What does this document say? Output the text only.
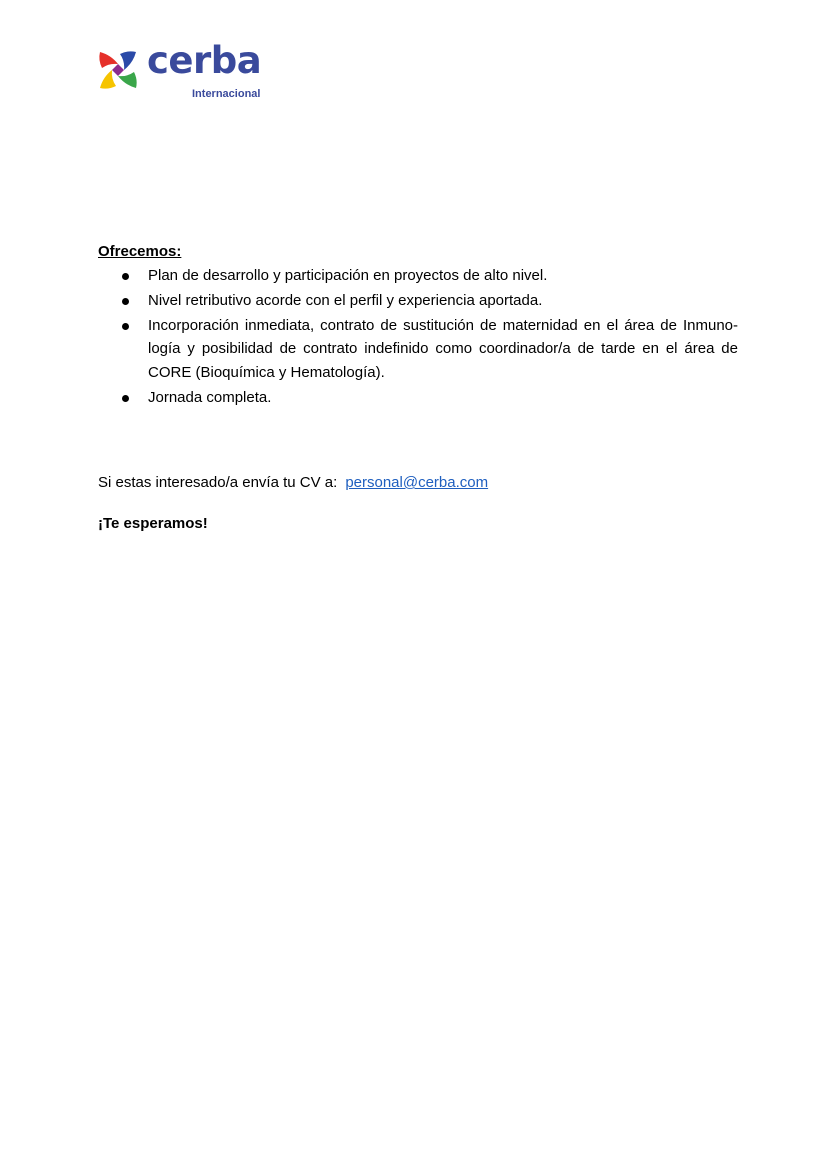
cerba
Internacional

Ofrecemos:

Plan de desarrollo y participación en proyectos de alto nivel.
Nivel retributivo acorde con el perfil y experiencia aportada.
Incorporación inmediata, contrato de sustitución de maternidad en el área de Inmuno-logía y posibilidad de contrato indefinido como coordinador/a de tarde en el área de CORE (Bioquímica y Hematología).
Jornada completa.
Si estas interesado/a envía tu CV a: personal@cerba.com
¡Te esperamos!
